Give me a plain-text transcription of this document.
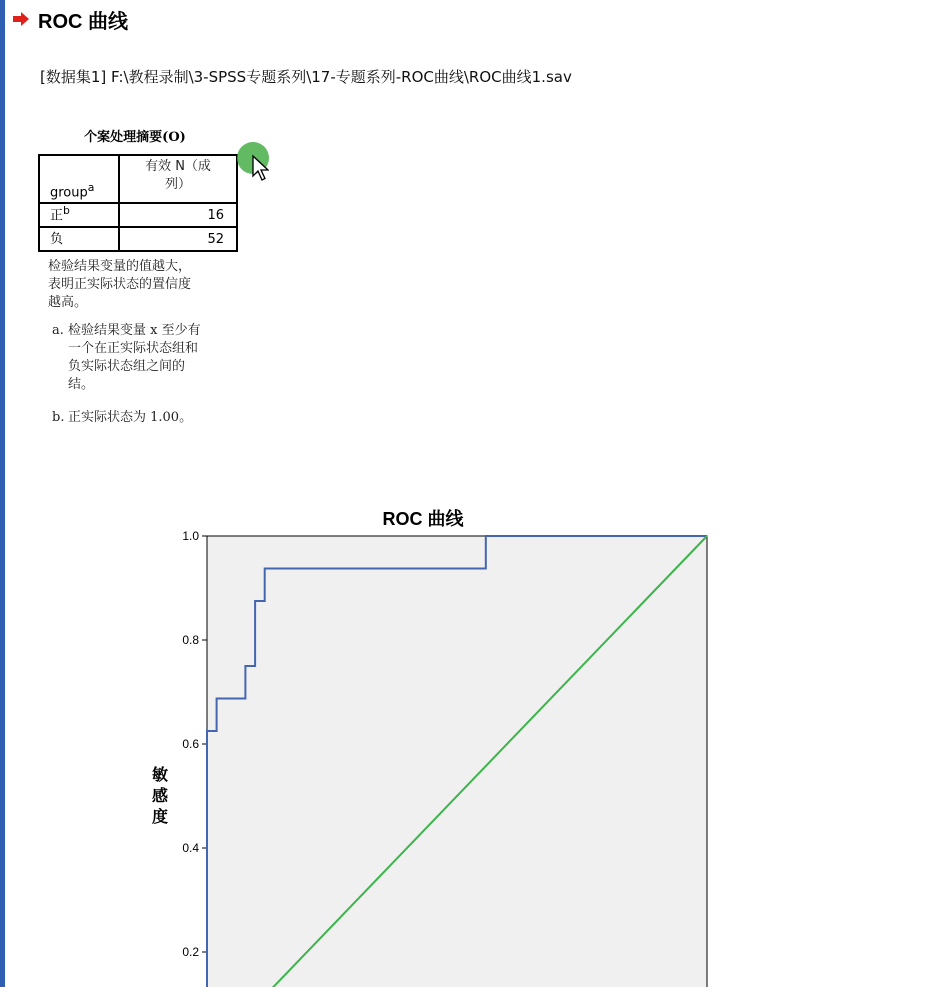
ROC 曲线
[数据集1] F:\教程录制\3-SPSS专题系列\17-专题系列-ROC曲线\ROC曲线1.sav
个案处理摘要(O)
group$^a$	有效 N（成
列）

正$^b$	16
负	52
检验结果变量的值越大，
表明正实际状态的置信度
越高。
a. 检验结果变量 x 至少有
一个在正实际状态组和
负实际状态组之间的
结。
b. 正实际状态为 1.00。
ROC 曲线
0.2
0.4
0.6
0.8
1.0
敏感度
